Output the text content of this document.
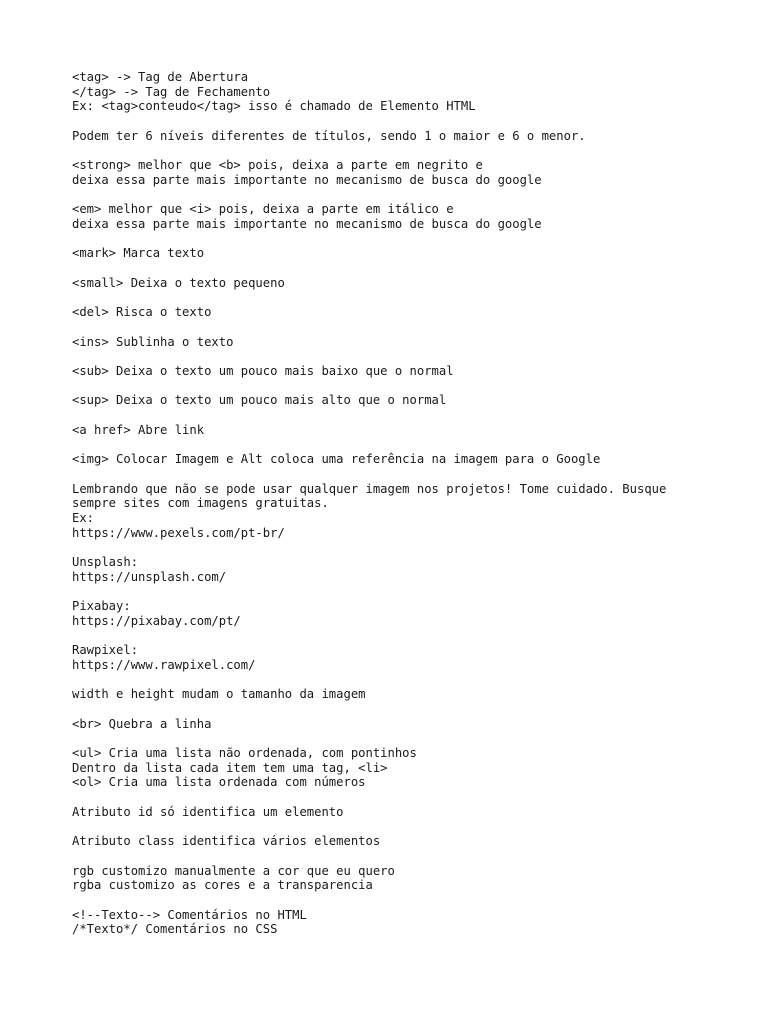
<tag> -> Tag de Abertura
</tag> -> Tag de Fechamento
Ex: <tag>conteudo</tag> isso é chamado de Elemento HTML
Podem ter 6 níveis diferentes de títulos, sendo 1 o maior e 6 o menor.
<strong> melhor que <b> pois, deixa a parte em negrito e
deixa essa parte mais importante no mecanismo de busca do google
<em> melhor que <i> pois, deixa a parte em itálico e
deixa essa parte mais importante no mecanismo de busca do google
<mark> Marca texto
<small> Deixa o texto pequeno
<del> Risca o texto
<ins> Sublinha o texto
<sub> Deixa o texto um pouco mais baixo que o normal
<sup> Deixa o texto um pouco mais alto que o normal
<a href> Abre link
<img> Colocar Imagem e Alt coloca uma referência na imagem para o Google
Lembrando que não se pode usar qualquer imagem nos projetos! Tome cuidado. Busque
sempre sites com imagens gratuitas.
Ex:
https://www.pexels.com/pt-br/
Unsplash:
https://unsplash.com/
Pixabay:
https://pixabay.com/pt/
Rawpixel:
https://www.rawpixel.com/
width e height mudam o tamanho da imagem
<br> Quebra a linha
<ul> Cria uma lista não ordenada, com pontinhos
Dentro da lista cada item tem uma tag, <li>
<ol> Cria uma lista ordenada com números
Atributo id só identifica um elemento
Atributo class identifica vários elementos
rgb customizo manualmente a cor que eu quero
rgba customizo as cores e a transparencia
<!--Texto--> Comentários no HTML
/*Texto*/ Comentários no CSS
